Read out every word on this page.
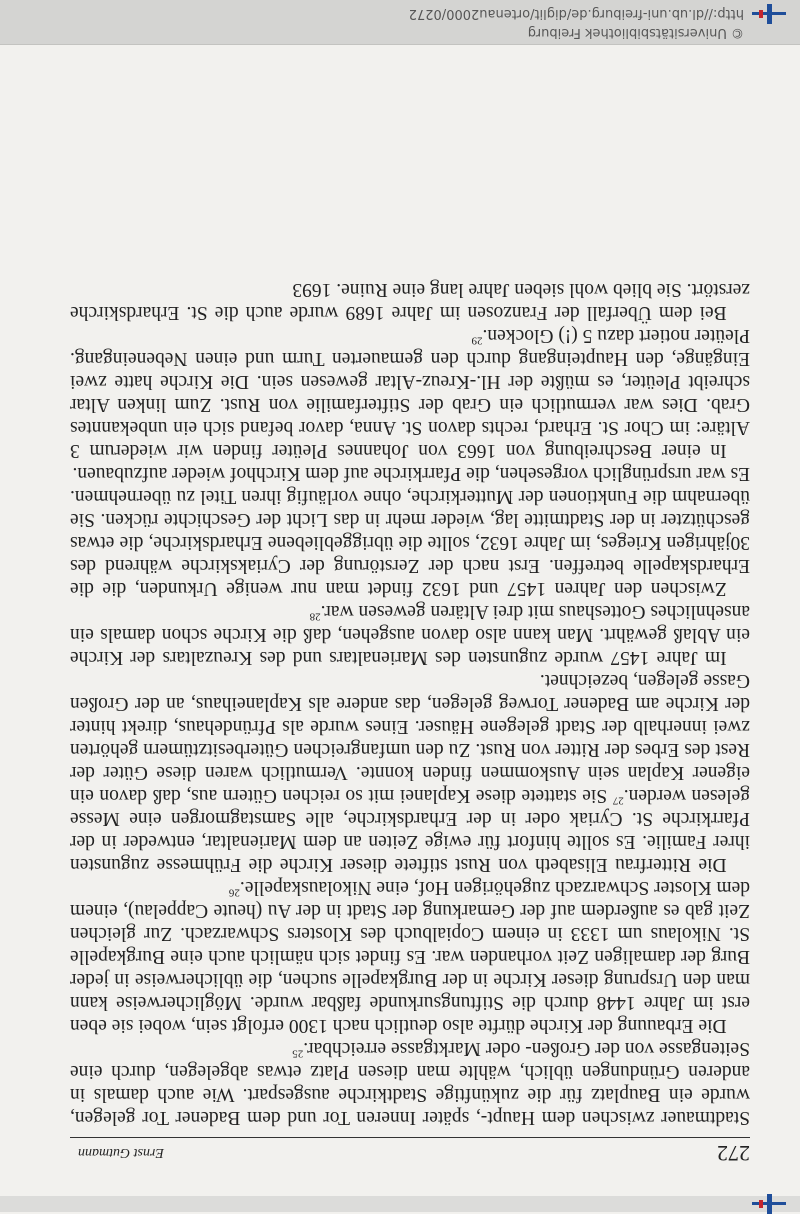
© Universitätsbibliothek Freiburg
http://dl.ub.uni-freiburg.de/diglit/ortenau2000/0272
272
Ernst Gutmann

Stadtmauer zwischen dem Haupt-, später Inneren Tor und dem Badener Tor gelegen, wurde ein Bauplatz für die zukünftige Stadtkirche ausgespart. Wie auch damals in anderen Gründungen üblich, wählte man diesen Platz etwas abgelegen, durch eine Seitengasse von der Großen- oder Marktgasse erreichbar.$^{25}$

Die Erbauung der Kirche dürfte also deutlich nach 1300 erfolgt sein, wobei sie eben erst im Jahre 1448 durch die Stiftungsurkunde faßbar wurde. Möglicherweise kann man den Ursprung dieser Kirche in der Burgkapelle suchen, die üblicherweise in jeder Burg der damaligen Zeit vorhanden war. Es findet sich nämlich auch eine Burgkapelle St. Nikolaus um 1333 in einem Copialbuch des Klosters Schwarzach. Zur gleichen Zeit gab es außerdem auf der Gemarkung der Stadt in der Au (heute Cappelau), einem dem Kloster Schwarzach zugehörigen Hof, eine Nikolauskapelle.$^{26}$

Die Ritterfrau Elisabeth von Rust stiftete dieser Kirche die Frühmesse zugunsten ihrer Familie. Es sollte hinfort für ewige Zeiten an dem Marienaltar, entweder in der Pfarrkirche St. Cyriak oder in der Erhardskirche, alle Samstagmorgen eine Messe gelesen werden.$^{27}$ Sie stattete diese Kaplanei mit so reichen Gütern aus, daß davon ein eigener Kaplan sein Auskommen finden konnte. Vermutlich waren diese Güter der Rest des Erbes der Ritter von Rust. Zu den umfangreichen Güterbesitztümern gehörten zwei innerhalb der Stadt gelegene Häuser. Eines wurde als Pfründehaus, direkt hinter der Kirche am Badener Torweg gelegen, das andere als Kaplaneihaus, an der Großen Gasse gelegen, bezeichnet.

Im Jahre 1457 wurde zugunsten des Marienaltars und des Kreuzaltars der Kirche ein Ablaß gewährt. Man kann also davon ausgehen, daß die Kirche schon damals ein ansehnliches Gotteshaus mit drei Altären gewesen war.$^{28}$

Zwischen den Jahren 1457 und 1632 findet man nur wenige Urkunden, die die Erhardskapelle betreffen. Erst nach der Zerstörung der Cyriakskirche während des 30jährigen Krieges, im Jahre 1632, sollte die übriggebliebene Erhardskirche, die etwas geschützter in der Stadtmitte lag, wieder mehr in das Licht der Geschichte rücken. Sie übernahm die Funktionen der Mutterkirche, ohne vorläufig ihren Titel zu übernehmen. Es war ursprünglich vorgesehen, die Pfarrkirche auf dem Kirchhof wieder aufzubauen.

In einer Beschreibung von 1663 von Johannes Pleüter finden wir wiederum 3 Altäre: im Chor St. Erhard, rechts davon St. Anna, davor befand sich ein unbekanntes Grab. Dies war vermutlich ein Grab der Stifterfamilie von Rust. Zum linken Altar schreibt Pleüter, es müßte der Hl.-Kreuz-Altar gewesen sein. Die Kirche hatte zwei Eingänge, den Haupteingang durch den gemauerten Turm und einen Nebeneingang. Pleüter notiert dazu 5 (!) Glocken.$^{29}$

Bei dem Überfall der Franzosen im Jahre 1689 wurde auch die St. Erhardskirche zerstört. Sie blieb wohl sieben Jahre lang eine Ruine. 1693
